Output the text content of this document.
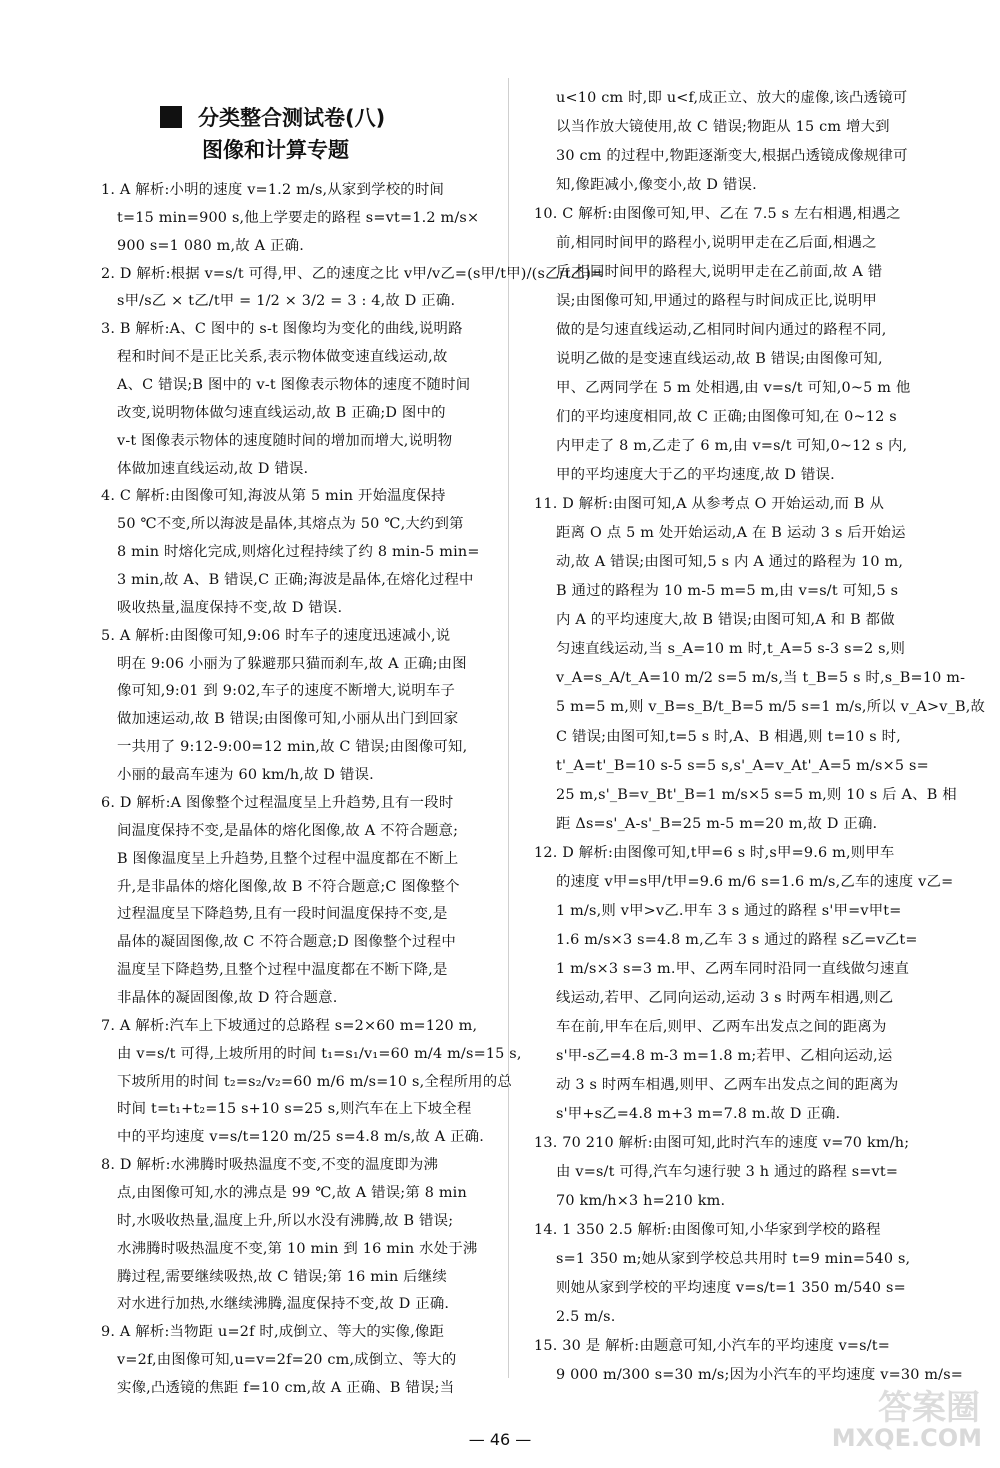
分类整合测试卷(八)
图像和计算专题
1. A 解析:小明的速度 v=1.2 m/s,从家到学校的时间
t=15 min=900 s,他上学要走的路程 s=vt=1.2 m/s×
900 s=1 080 m,故 A 正确.
2. D 解析:根据 v=s/t 可得,甲、乙的速度之比 v甲/v乙=(s甲/t甲)/(s乙/t乙)=
s甲/s乙 × t乙/t甲 = 1/2 × 3/2 = 3 : 4,故 D 正确.
3. B 解析:A、C 图中的 s-t 图像均为变化的曲线,说明路
程和时间不是正比关系,表示物体做变速直线运动,故
A、C 错误;B 图中的 v-t 图像表示物体的速度不随时间
改变,说明物体做匀速直线运动,故 B 正确;D 图中的
v-t 图像表示物体的速度随时间的增加而增大,说明物
体做加速直线运动,故 D 错误.
4. C 解析:由图像可知,海波从第 5 min 开始温度保持
50 ℃不变,所以海波是晶体,其熔点为 50 ℃,大约到第
8 min 时熔化完成,则熔化过程持续了约 8 min-5 min=
3 min,故 A、B 错误,C 正确;海波是晶体,在熔化过程中
吸收热量,温度保持不变,故 D 错误.
5. A 解析:由图像可知,9:06 时车子的速度迅速减小,说
明在 9:06 小丽为了躲避那只猫而刹车,故 A 正确;由图
像可知,9:01 到 9:02,车子的速度不断增大,说明车子
做加速运动,故 B 错误;由图像可知,小丽从出门到回家
一共用了 9:12-9:00=12 min,故 C 错误;由图像可知,
小丽的最高车速为 60 km/h,故 D 错误.
6. D 解析:A 图像整个过程温度呈上升趋势,且有一段时
间温度保持不变,是晶体的熔化图像,故 A 不符合题意;
B 图像温度呈上升趋势,且整个过程中温度都在不断上
升,是非晶体的熔化图像,故 B 不符合题意;C 图像整个
过程温度呈下降趋势,且有一段时间温度保持不变,是
晶体的凝固图像,故 C 不符合题意;D 图像整个过程中
温度呈下降趋势,且整个过程中温度都在不断下降,是
非晶体的凝固图像,故 D 符合题意.
7. A 解析:汽车上下坡通过的总路程 s=2×60 m=120 m,
由 v=s/t 可得,上坡所用的时间 t₁=s₁/v₁=60 m/4 m/s=15 s,
下坡所用的时间 t₂=s₂/v₂=60 m/6 m/s=10 s,全程所用的总
时间 t=t₁+t₂=15 s+10 s=25 s,则汽车在上下坡全程
中的平均速度 v=s/t=120 m/25 s=4.8 m/s,故 A 正确.
8. D 解析:水沸腾时吸热温度不变,不变的温度即为沸
点,由图像可知,水的沸点是 99 ℃,故 A 错误;第 8 min
时,水吸收热量,温度上升,所以水没有沸腾,故 B 错误;
水沸腾时吸热温度不变,第 10 min 到 16 min 水处于沸
腾过程,需要继续吸热,故 C 错误;第 16 min 后继续
对水进行加热,水继续沸腾,温度保持不变,故 D 正确.
9. A 解析:当物距 u=2f 时,成倒立、等大的实像,像距
v=2f,由图像可知,u=v=2f=20 cm,成倒立、等大的
实像,凸透镜的焦距 f=10 cm,故 A 正确、B 错误;当
u<10 cm 时,即 u<f,成正立、放大的虚像,该凸透镜可
以当作放大镜使用,故 C 错误;物距从 15 cm 增大到
30 cm 的过程中,物距逐渐变大,根据凸透镜成像规律可
知,像距减小,像变小,故 D 错误.
10. C 解析:由图像可知,甲、乙在 7.5 s 左右相遇,相遇之
前,相同时间甲的路程小,说明甲走在乙后面,相遇之
后,相同时间甲的路程大,说明甲走在乙前面,故 A 错
误;由图像可知,甲通过的路程与时间成正比,说明甲
做的是匀速直线运动,乙相同时间内通过的路程不同,
说明乙做的是变速直线运动,故 B 错误;由图像可知,
甲、乙两同学在 5 m 处相遇,由 v=s/t 可知,0~5 m 他
们的平均速度相同,故 C 正确;由图像可知,在 0~12 s
内甲走了 8 m,乙走了 6 m,由 v=s/t 可知,0~12 s 内,
甲的平均速度大于乙的平均速度,故 D 错误.
11. D 解析:由图可知,A 从参考点 O 开始运动,而 B 从
距离 O 点 5 m 处开始运动,A 在 B 运动 3 s 后开始运
动,故 A 错误;由图可知,5 s 内 A 通过的路程为 10 m,
B 通过的路程为 10 m-5 m=5 m,由 v=s/t 可知,5 s
内 A 的平均速度大,故 B 错误;由图可知,A 和 B 都做
匀速直线运动,当 s_A=10 m 时,t_A=5 s-3 s=2 s,则
v_A=s_A/t_A=10 m/2 s=5 m/s,当 t_B=5 s 时,s_B=10 m-
5 m=5 m,则 v_B=s_B/t_B=5 m/5 s=1 m/s,所以 v_A>v_B,故
C 错误;由图可知,t=5 s 时,A、B 相遇,则 t=10 s 时,
t'_A=t'_B=10 s-5 s=5 s,s'_A=v_At'_A=5 m/s×5 s=
25 m,s'_B=v_Bt'_B=1 m/s×5 s=5 m,则 10 s 后 A、B 相
距 Δs=s'_A-s'_B=25 m-5 m=20 m,故 D 正确.
12. D 解析:由图像可知,t甲=6 s 时,s甲=9.6 m,则甲车
的速度 v甲=s甲/t甲=9.6 m/6 s=1.6 m/s,乙车的速度 v乙=
1 m/s,则 v甲>v乙.甲车 3 s 通过的路程 s'甲=v甲t=
1.6 m/s×3 s=4.8 m,乙车 3 s 通过的路程 s乙=v乙t=
1 m/s×3 s=3 m.甲、乙两车同时沿同一直线做匀速直
线运动,若甲、乙同向运动,运动 3 s 时两车相遇,则乙
车在前,甲车在后,则甲、乙两车出发点之间的距离为
s'甲-s乙=4.8 m-3 m=1.8 m;若甲、乙相向运动,运
动 3 s 时两车相遇,则甲、乙两车出发点之间的距离为
s'甲+s乙=4.8 m+3 m=7.8 m.故 D 正确.
13. 70 210 解析:由图可知,此时汽车的速度 v=70 km/h;
由 v=s/t 可得,汽车匀速行驶 3 h 通过的路程 s=vt=
70 km/h×3 h=210 km.
14. 1 350 2.5 解析:由图像可知,小华家到学校的路程
s=1 350 m;她从家到学校总共用时 t=9 min=540 s,
则她从家到学校的平均速度 v=s/t=1 350 m/540 s=
2.5 m/s.
15. 30 是 解析:由题意可知,小汽车的平均速度 v=s/t=
9 000 m/300 s=30 m/s;因为小汽车的平均速度 v=30 m/s=
— 46 —
答案圈
MXQE.COM
